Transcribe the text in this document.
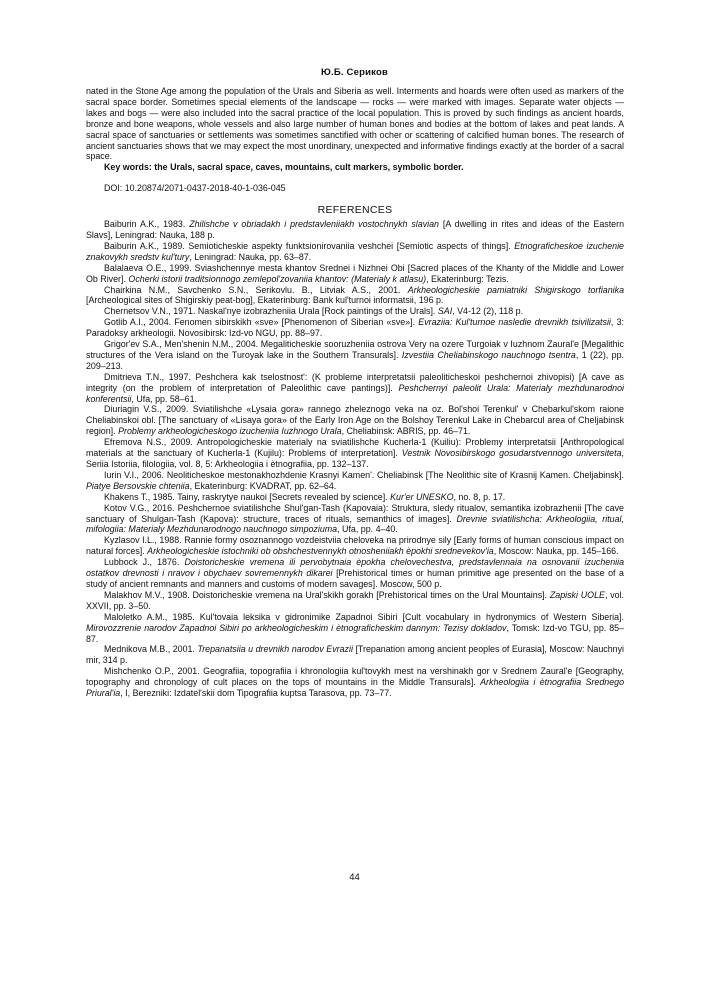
Ю.Б. Сериков

nated in the Stone Age among the population of the Urals and Siberia as well. Interments and hoards were often used as markers of the sacral space border. Sometimes special elements of the landscape — rocks — were marked with images. Separate water objects — lakes and bogs — were also included into the sacral practice of the local population. This is proved by such findings as ancient hoards, bronze and bone weapons, whole vessels and also large number of human bones and bodies at the bottom of lakes and peat lands. A sacral space of sanctuaries or settlements was sometimes sanctified with ocher or scattering of calcified human bones. The research of ancient sanctuaries shows that we may expect the most unordinary, unexpected and informative findings exactly at the border of a sacral space.

Key words: the Urals, sacral space, caves, mountains, cult markers, symbolic border.

DOI: 10.20874/2071-0437-2018-40-1-036-045

REFERENCES

Baiburin A.K., 1983. Zhilishche v obriadakh i predstavleniiakh vostochnykh slavian [A dwelling in rites and ideas of the Eastern Slavs], Leningrad: Nauka, 188 p.

Baiburin A.K., 1989. Semioticheskie aspekty funktsionirovaniia veshchei [Semiotic aspects of things]. Etnograficheskoe izuchenie znakovykh sredstv kul'tury, Leningrad: Nauka, pp. 63–87.

Balalaeva O.E., 1999. Sviashchennye mesta khantov Srednei i Nizhnei Obi [Sacred places of the Khanty of the Middle and Lower Ob River]. Ocherki istorii traditsionnogo zemlepol'zovaniia khantov: (Materialy k atlasu), Ekaterinburg: Tezis.

Chairkina N.M., Savchenko S.N., Serikovlu. B., Litviak A.S., 2001. Arkheologicheskie pamiatniki Shigirskogo torfianika [Archeological sites of Shigirskiy peat-bog], Ekaterinburg: Bank kul'turnoi informatsii, 196 p.

Chernetsov V.N., 1971. Naskal'nye izobrazheniia Urala [Rock paintings of the Urals]. SAI, V4-12 (2), 118 p.

Gotlib A.I., 2004. Fenomen sibirskikh «sve» [Phenomenon of Siberian «sve»]. Evraziia: Kul'turnoe nasledie drevnikh tsivilizatsii, 3: Paradoksy arkheologii. Novosibirsk: Izd-vo NGU, pp. 88–97.

Grigor'ev S.A., Men'shenin N.M., 2004. Megaliticheskie sooruzheniia ostrova Very na ozere Turgoiak v Iuzhnom Zaural'e [Megalithic structures of the Vera island on the Turoyak lake in the Southern Transurals]. Izvestiia Cheliabinskogo nauchnogo tsentra, 1 (22), pp. 209–213.

Dmitrieva T.N., 1997. Peshchera kak tselostnost': (K probleme interpretatsii paleoliticheskoi peshchernoi zhivopisi) [A cave as integrity (on the problem of interpretation of Paleolithic cave pantings)]. Peshchernyi paleolit Urala: Materialy mezhdunarodnoi konferentsii, Ufa, pp. 58–61.

Diuriagin V.S., 2009. Sviatilishche «Lysaia gora» rannego zheleznogo veka na oz. Bol'shoi Terenkul' v Chebarkul'skom raione Cheliabinskoi obl. [The sanctuary of «Lisaya gora» of the Early Iron Age on the Bolshoy Terenkul Lake in Chebarcul area of Cheljabinsk region]. Problemy arkheologicheskogo izucheniia Iuzhnogo Urala, Cheliabinsk: ABRIS, pp. 46–71.

Efremova N.S., 2009. Antropologicheskie materialy na sviatilishche Kucherla-1 (Kuiliu): Problemy interpretatsii [Anthropological materials at the sanctuary of Kucherla-1 (Kujilu): Problems of interpretation]. Vestnik Novosibirskogo gosudarstvennogo universiteta, Seriia Istoriia, filologiia, vol. 8, 5: Arkheologiia i ètnografiia, pp. 132–137.

Iurin V.I., 2006. Neoliticheskoe mestonakhozhdenie Krasnyi Kamen'. Cheliabinsk [The Neolithic site of Krasnij Kamen. Cheljabinsk]. Piatye Bersovskie chteniia, Ekaterinburg: KVADRAT, pp. 62–64.

Khakens T., 1985. Tainy, raskrytye naukoi [Secrets revealed by science]. Kur'er UNESKO, no. 8, p. 17.

Kotov V.G., 2016. Peshchernoe sviatilishche Shul'gan-Tash (Kapovaia): Struktura, sledy ritualov, semantika izobrazhenii [The cave sanctuary of Shulgan-Tash (Kapova): structure, traces of rituals, semanthics of images]. Drevnie sviatilishcha: Arkheologiia, ritual, mifologiia: Materialy Mezhdunarodnogo nauchnogo simpoziuma, Ufa, pp. 4–40.

Kyzlasov I.L., 1988. Rannie formy osoznannogo vozdeistviia cheloveka na prirodnye sily [Early forms of human conscious impact on natural forces]. Arkheologicheskie istochniki ob obshchestvennykh otnosheniiakh èpokhi srednevekov'ia, Moscow: Nauka, pp. 145–166.

Lubbock J., 1876. Doistoricheskie vremena ili pervobytnaia èpokha chelovechestva, predstavlennaia na osnovanii izucheniia ostatkov drevnosti i nravov i obychaev sovremennykh dikarei [Prehistorical times or human primitive age presented on the base of a study of ancient remnants and manners and customs of modern savages]. Moscow, 500 p.

Malakhov M.V., 1908. Doistoricheskie vremena na Ural'skikh gorakh [Prehistorical times on the Ural Mountains]. Zapiski UOLE, vol. XXVII, pp. 3–50.

Maloletko A.M., 1985. Kul'tovaia leksika v gidronimike Zapadnoi Sibiri [Cult vocabulary in hydronymics of Western Siberia]. Mirovozzrenie narodov Zapadnoi Sibiri po arkheologicheskim i ètnograficheskim dannym: Tezisy dokladov, Tomsk: Izd-vo TGU, pp. 85–87.

Mednikova M.B., 2001. Trepanatsiia u drevnikh narodov Evrazii [Trepanation among ancient peoples of Eurasia], Moscow: Nauchnyi mir, 314 p.

Mishchenko O.P., 2001. Geografiia, topografiia i khronologiia kul'tovykh mest na vershinakh gor v Srednem Zaural'e [Geography, topography and chronology of cult places on the tops of mountains in the Middle Transurals]. Arkheologiia i ètnografiia Srednego Priural'ia, I, Berezniki: Izdatel'skii dom Tipografiia kuptsa Tarasova, pp. 73–77.

44
